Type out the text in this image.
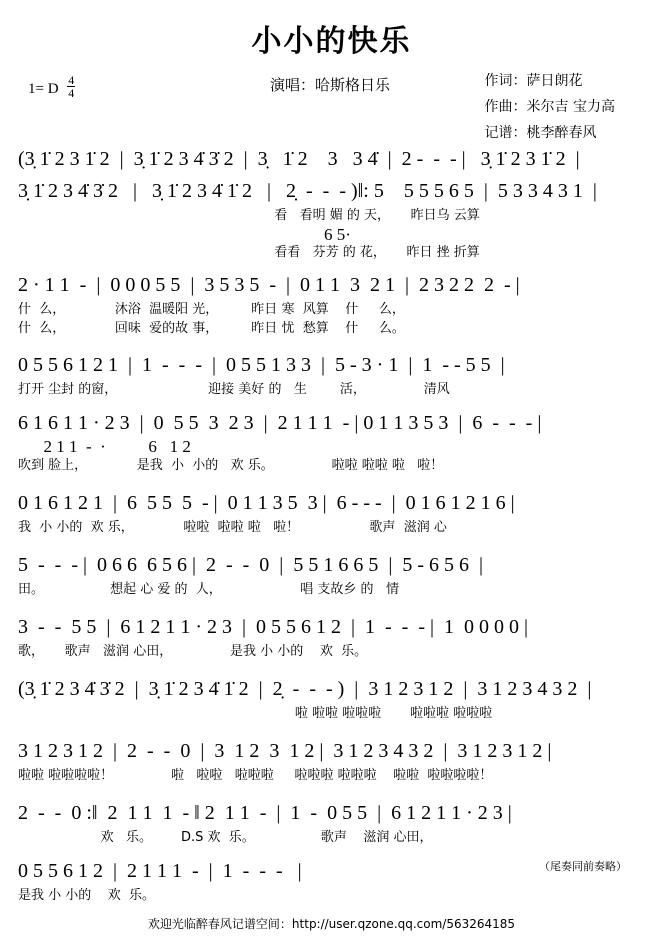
小小的快乐
1= D $\frac{4}{4}$	演唱：哈斯格日乐	作词：萨日朗花
作曲：米尔吉 宝力高
记谱：桃李醉春风
(3̣ 1̇ 2 3 1̇ 2  |  3̣ 1̇ 2 3 4̇ 3̇ 2  |  3̣   1̇ 2    3   3 4̇  |  2 -  -  - |   3̣ 1̇ 2 3 1̇ 2  |
3̣ 1̇ 2 3 4̇ 3̇ 2   |   3̣ 1̇ 2 3 4̇ 1̇ 2   |   2̣  -  -  - )‖: 5    5 5 5 6 5  |  5 3 3 4 3 1  |
看   看明 媚 的 天，     昨日乌 云算
6 5·
看看   芬芳 的 花，     昨日 挫 折算
2 · 1 1  -  |  0 0 0 5 5  |  3 5 3 5  -  |  0 1 1  3  2 1  |  2 3 2 2  2  - |
什  么，            沐浴  温暖阳 光，        昨日 寒  风算    什     么，
什  么，            回味  爱的故 事，        昨日 忧  愁算    什     么。
0 5 5 6 1 2 1  |  1  -  -  -  |  0 5 5 1 3 3  |  5 - 3 · 1  |  1  - - 5 5  |
打开 尘封 的窗，                      迎接 美好 的   生        活，              清风
6 1 6 1 1 · 2 3  |  0  5 5  3  2 3  |  2 1 1 1  - | 0 1 1 3 5 3  |  6  -  -  - |
2 1 1  -  ·          6   1 2
吹到 脸上，            是我  小  小的   欢 乐。              啦啦 啦啦 啦   啦！
0 1 6 1 2 1  |  6  5 5  5  - |  0 1 1 3 5  3 |  6 - - -  |  0 1 6 1 2 1 6 |
我  小 小的  欢 乐，            啦啦  啦啦 啦   啦！                 歌声  滋润 心
5  -  -  - |  0 6 6  6 5 6 |  2  -  -  0  |  5 5 1 6 6 5  |  5 - 6 5 6  |
田。                想起 心 爱 的  人，                   唱 支故乡 的   情
3  -  -  5 5  |  6 1 2 1 1 · 2 3  |  0 5 5 6 1 2  |  1  -  -  - |  1  0 0 0 0 |
歌，     歌声   滋润 心田，              是我 小 小的    欢  乐。
(3̣ 1̇ 2 3 4̇ 3̇ 2  |  3̣ 1̇ 2 3 4̇ 1̇ 2  |  2̣  -  -  - )  |  3 1 2 3 1 2  |  3 1 2 3 4 3 2  |
啦 啦啦 啦啦啦       啦啦啦 啦啦啦
3 1 2 3 1 2  |  2  -  -  0  |  3  1 2  3  1 2 |  3 1 2 3 4 3 2  |  3 1 2 3 1 2 |
啦啦 啦啦啦啦！              啦   啦啦   啦啦啦     啦啦啦 啦啦啦    啦啦  啦啦啦啦！
2  -  -  0 :‖  2  1 1  1  - ‖ 2  1 1  -  |  1  -  0 5 5  |  6 1 2 1 1 · 2 3 |
欢   乐。       D.S 欢  乐。                歌声    滋润 心田，
0 5 5 6 1 2  |  2 1 1 1  -  |  1  -  -  -   |
是我 小 小的    欢  乐。
（尾奏同前奏略）
欢迎光临醉春风记谱空间：http://user.qzone.qq.com/563264185
